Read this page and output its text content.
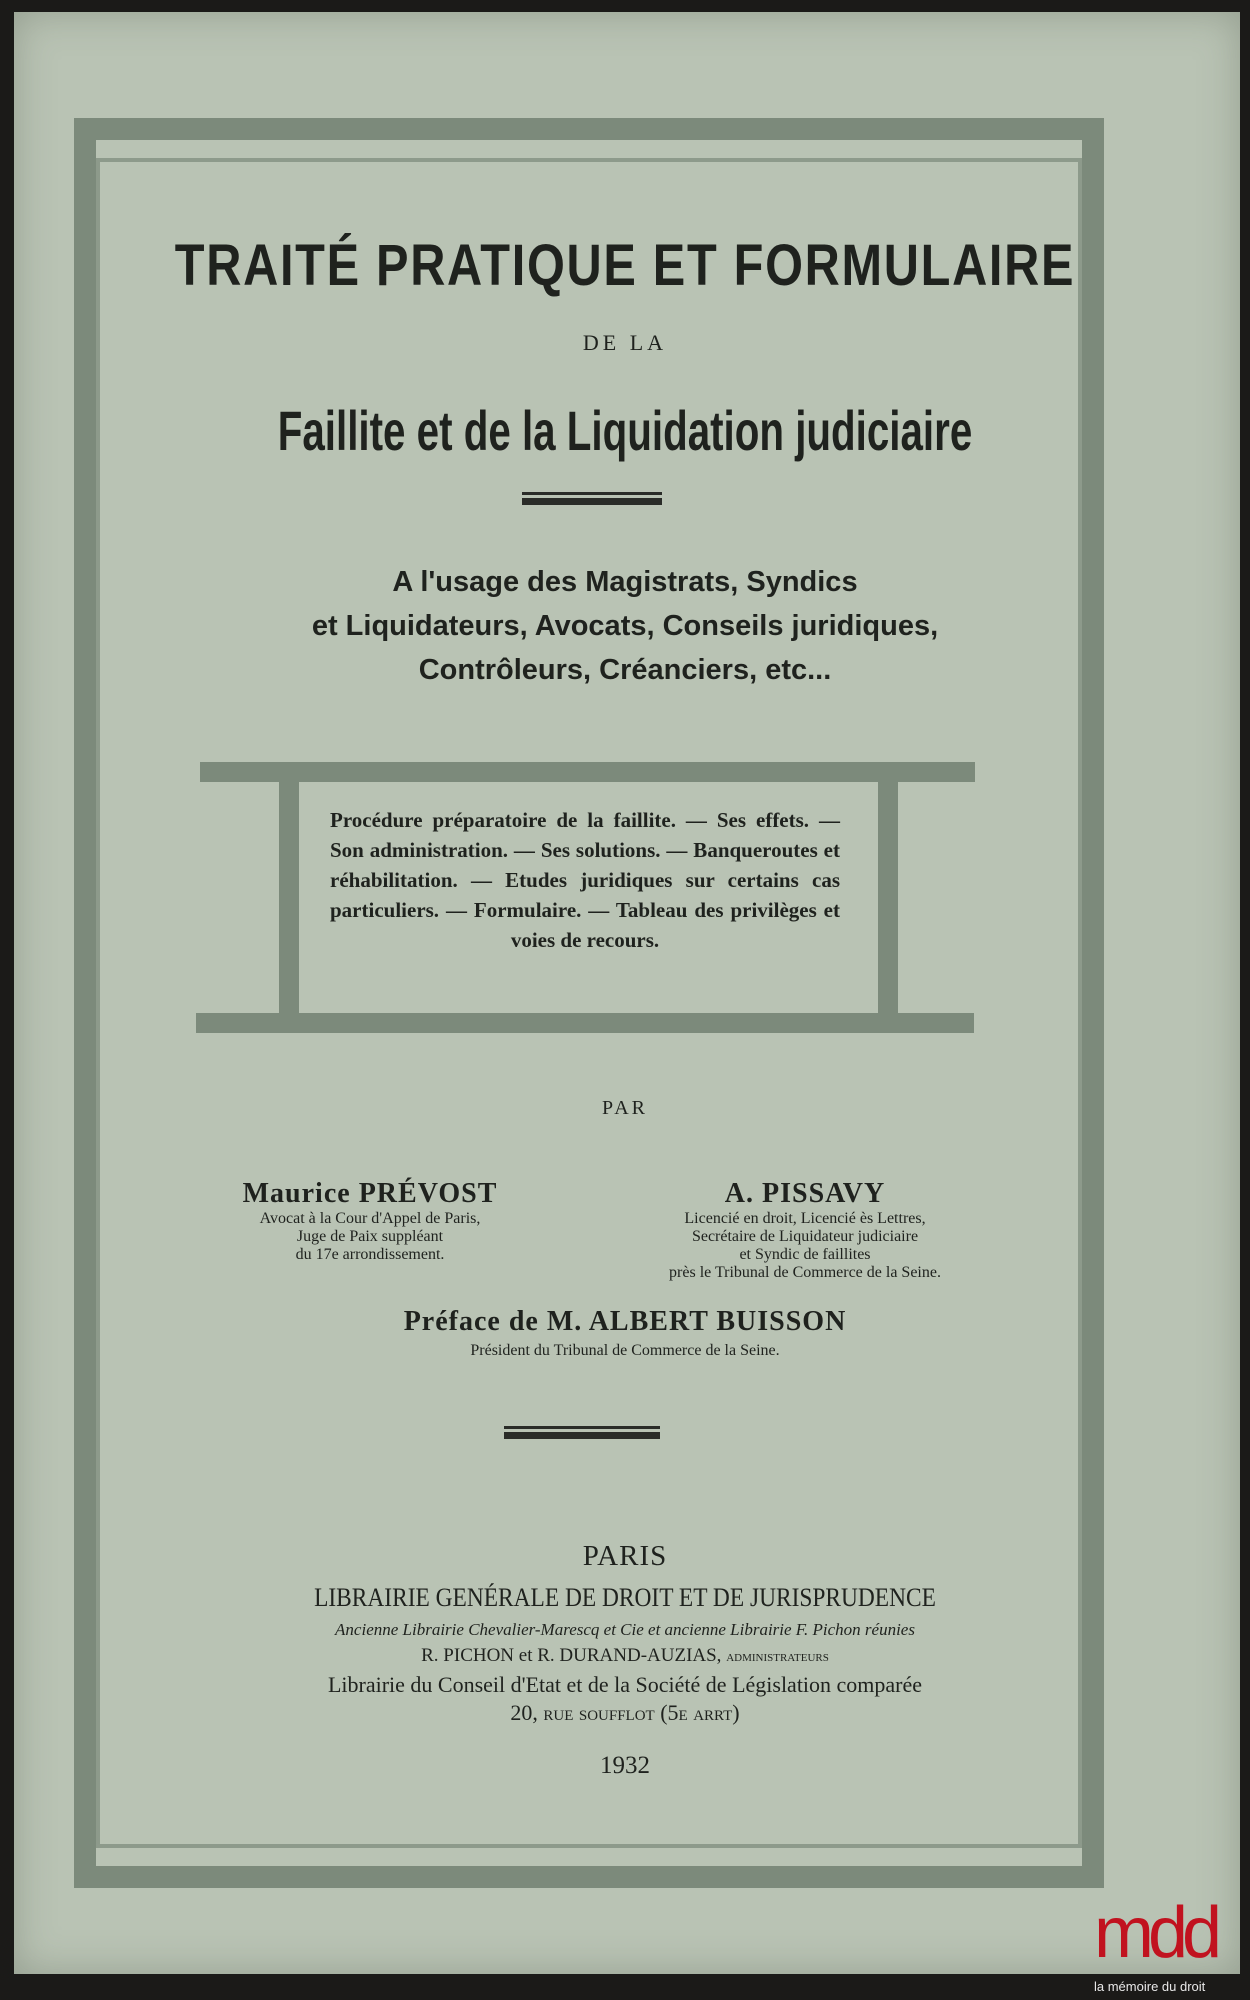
TRAITÉ PRATIQUE ET FORMULAIRE
DE LA
Faillite et de la Liquidation judiciaire
A l'usage des Magistrats, Syndics
et Liquidateurs, Avocats, Conseils juridiques,
Contrôleurs, Créanciers, etc...
Procédure préparatoire de la faillite. — Ses effets. — Son administration. — Ses solutions. — Banqueroutes et réhabilitation. — Etudes juridiques sur certains cas particuliers. — Formulaire. — Tableau des privilèges et voies de recours.
PAR
Maurice PRÉVOST
Avocat à la Cour d'Appel de Paris,
Juge de Paix suppléant
du 17e arrondissement.
A. PISSAVY
Licencié en droit, Licencié ès Lettres,
Secrétaire de Liquidateur judiciaire
et Syndic de faillites
près le Tribunal de Commerce de la Seine.
Préface de M. ALBERT BUISSON
Président du Tribunal de Commerce de la Seine.
PARIS
LIBRAIRIE GENÉRALE DE DROIT ET DE JURISPRUDENCE
Ancienne Librairie Chevalier-Marescq et Cie et ancienne Librairie F. Pichon réunies
R. PICHON et R. DURAND-AUZIAS, administrateurs
Librairie du Conseil d'Etat et de la Société de Législation comparée
20, rue soufflot (5e arrt)
1932
mdd
la mémoire du droit
